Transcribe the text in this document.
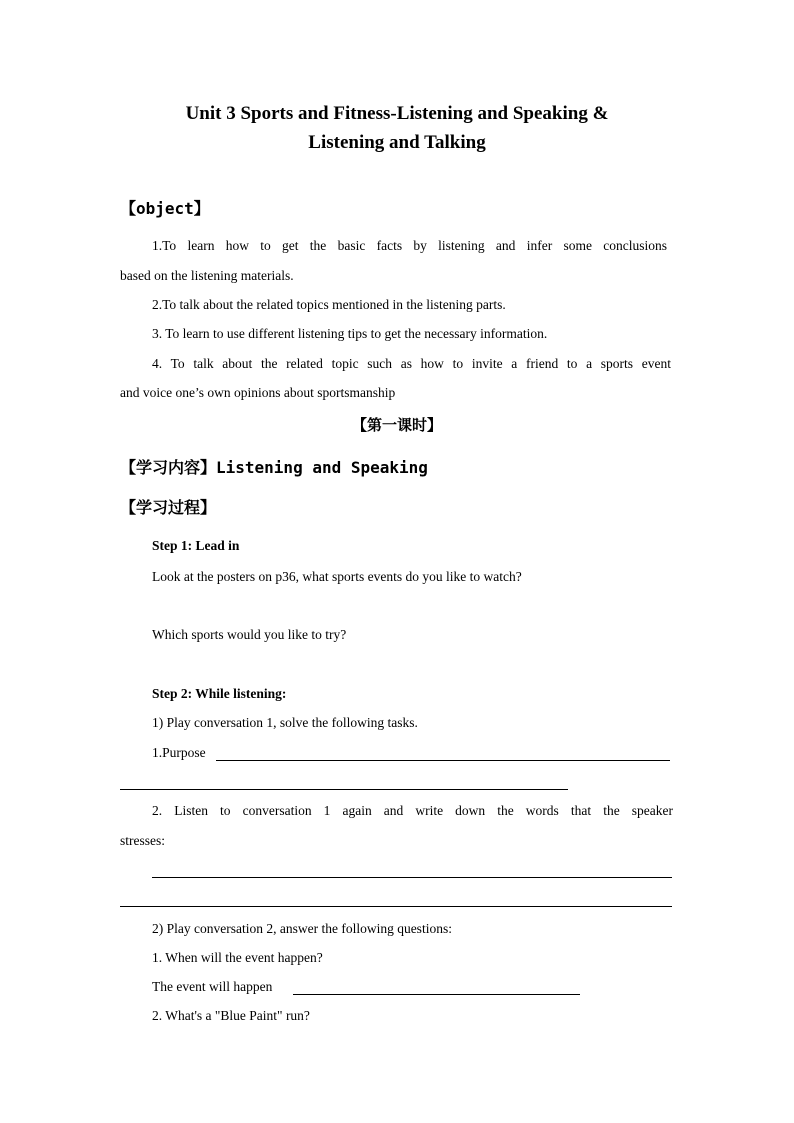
Unit 3 Sports and Fitness-Listening and Speaking &
Listening and Talking
【object】
1.To learn how to get the basic facts by listening and infer some conclusions
based on the listening materials.
2.To talk about the related topics mentioned in the listening parts.
3. To learn to use different listening tips to get the necessary information.
4. To talk about the related topic such as how to invite a friend to a sports event
and voice one’s own opinions about sportsmanship
【第一课时】
【学习内容】Listening and Speaking
【学习过程】
Step 1: Lead in
Look at the posters on p36, what sports events do you like to watch?
Which sports would you like to try?
Step 2: While listening:
1) Play conversation 1, solve the following tasks.
1.Purpose
2. Listen to conversation 1 again and write down the words that the speaker
stresses:
2) Play conversation 2, answer the following questions:
1. When will the event happen?
The event will happen
2. What's a "Blue Paint" run?
